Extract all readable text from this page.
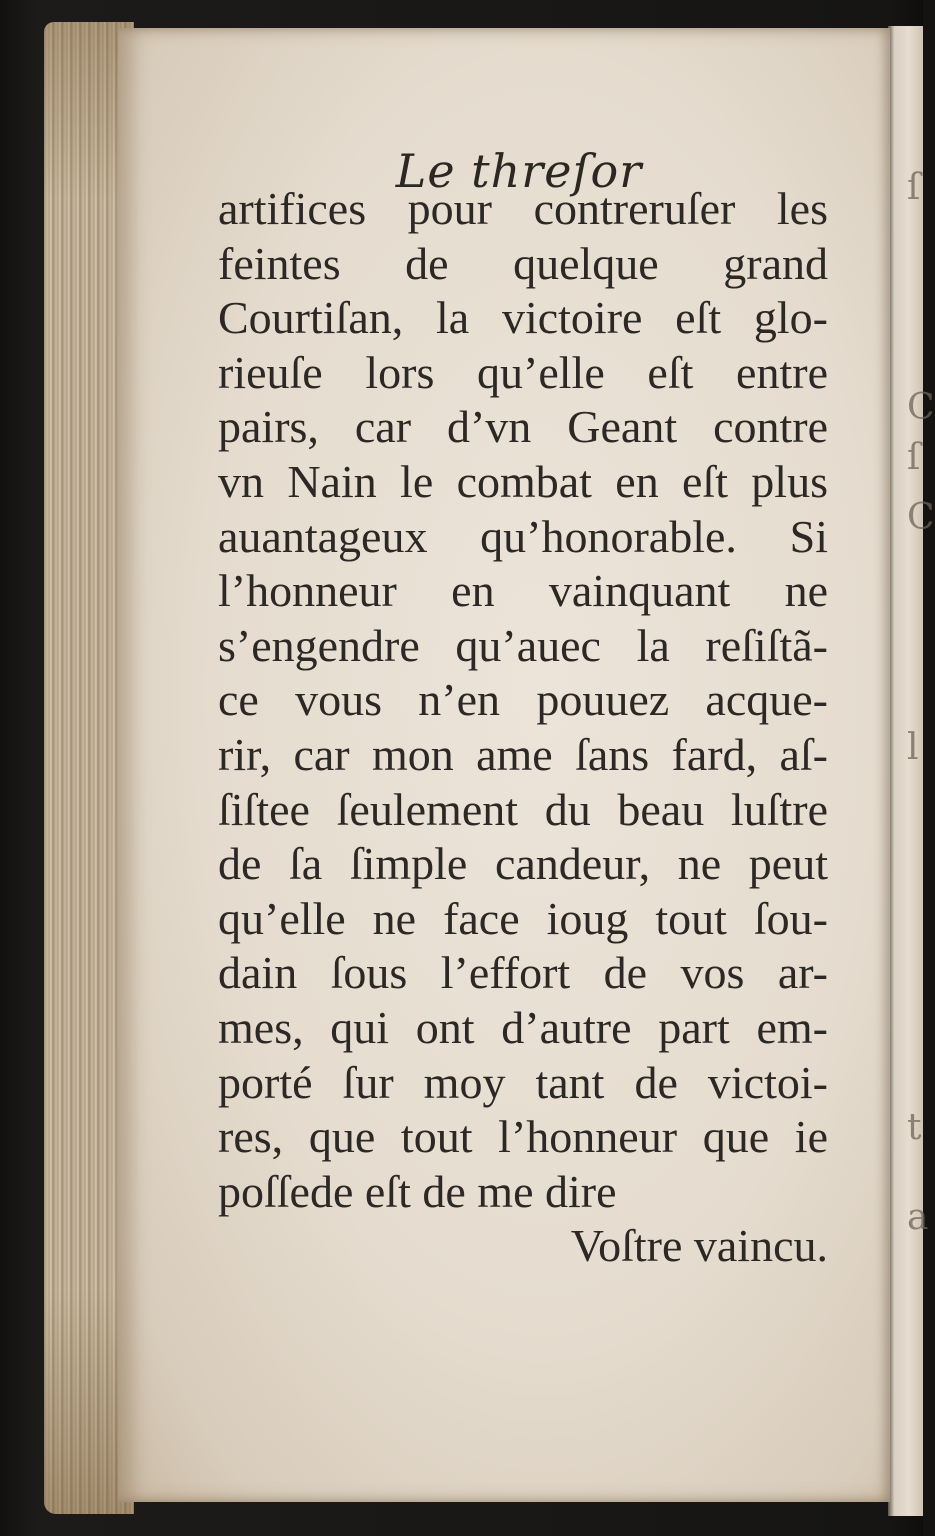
ſ
C
ſ
C
l
t
a
Le threſor
artifices pour contreruſer les
feintes de quelque grand
Courtiſan, la victoire eſt glo-
rieuſe lors qu’elle eſt entre
pairs, car d’vn Geant contre
vn Nain le combat en eſt plus
auantageux qu’honorable. Si
l’honneur en vainquant ne
s’engendre qu’auec la reſiſtã-
ce vous n’en pouuez acque-
rir, car mon ame ſans fard, aſ-
ſiſtee ſeulement du beau luſtre
de ſa ſimple candeur, ne peut
qu’elle ne face ioug tout ſou-
dain ſous l’effort de vos ar-
mes, qui ont d’autre part em-
porté ſur moy tant de victoi-
res, que tout l’honneur que ie
poſſede eſt de me dire
Voſtre vaincu.
